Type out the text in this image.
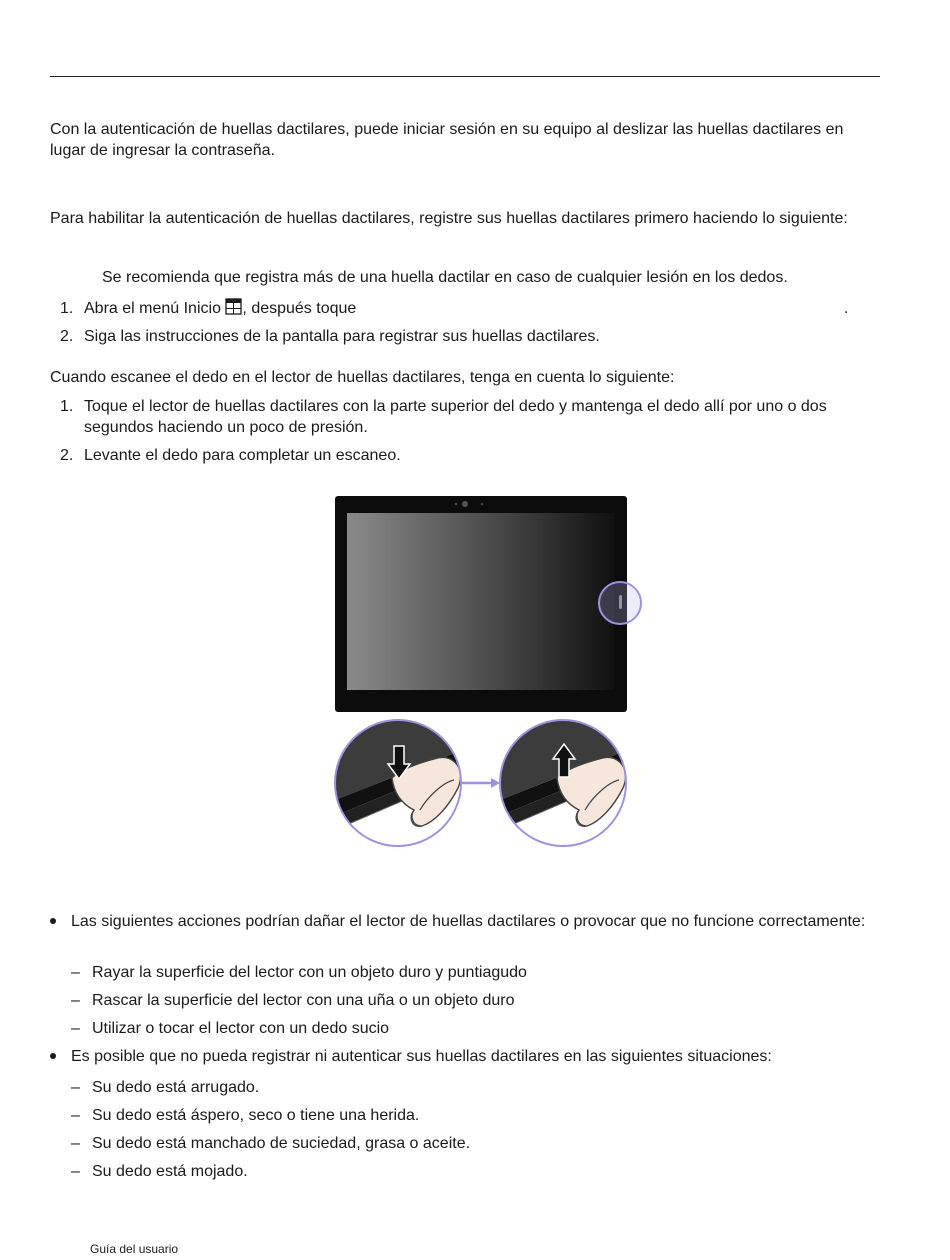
Con la autenticación de huellas dactilares, puede iniciar sesión en su equipo al deslizar las huellas dactilares en lugar de ingresar la contraseña.

Para habilitar la autenticación de huellas dactilares, registre sus huellas dactilares primero haciendo lo siguiente:

Se recomienda que registra más de una huella dactilar en caso de cualquier lesión en los dedos.

1. Abra el menú Inicio , después toque	.
2. Siga las instrucciones de la pantalla para registrar sus huellas dactilares.

Cuando escanee el dedo en el lector de huellas dactilares, tenga en cuenta lo siguiente:

1. Toque el lector de huellas dactilares con la parte superior del dedo y mantenga el dedo allí por uno o dos segundos haciendo un poco de presión.
2. Levante el dedo para completar un escaneo.
Las siguientes acciones podrían dañar el lector de huellas dactilares o provocar que no funcione correctamente:
– Rayar la superficie del lector con un objeto duro y puntiagudo
– Rascar la superficie del lector con una uña o un objeto duro
– Utilizar o tocar el lector con un dedo sucio
Es posible que no pueda registrar ni autenticar sus huellas dactilares en las siguientes situaciones:
– Su dedo está arrugado.
– Su dedo está áspero, seco o tiene una herida.
– Su dedo está manchado de suciedad, grasa o aceite.
– Su dedo está mojado.
Guía del usuario
